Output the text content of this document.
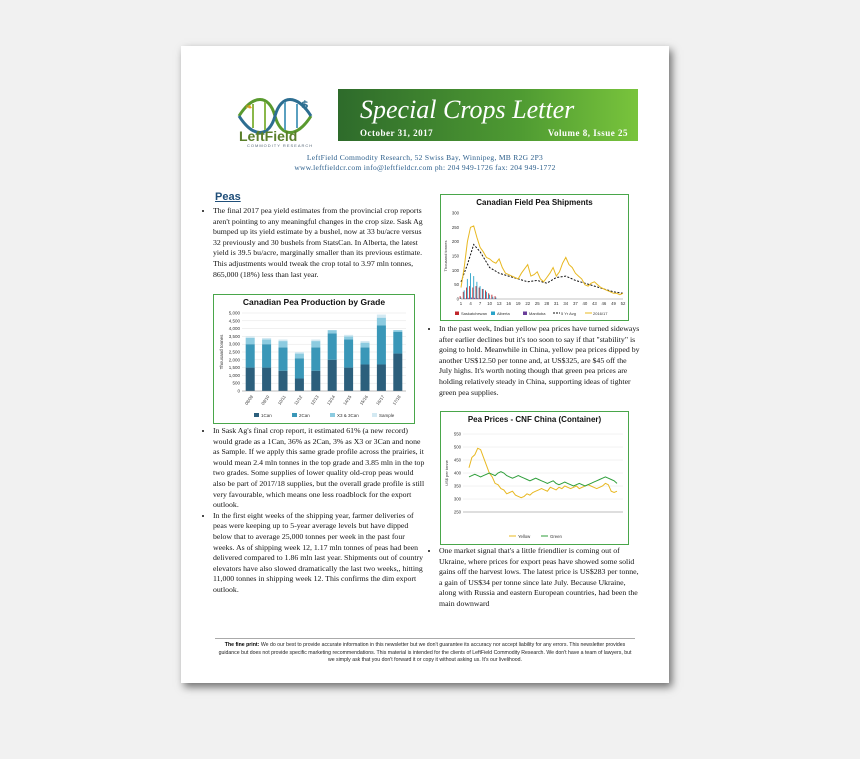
$
❧
LeftField
COMMODITY RESEARCH
Special Crops Letter
October 31, 2017	Volume 8, Issue 25
LeftField Commodity Research, 52 Swiss Bay, Winnipeg, MB R2G 2P3
www.leftfieldcr.com info@leftfieldcr.com ph: 204 949-1726 fax: 204 949-1772
Peas
• The final 2017 pea yield estimates from the provincial crop reports aren't pointing to any meaningful changes in the crop size. Sask Ag bumped up its yield estimate by a bushel, now at 33 bu/acre versus 32 previously and 30 bushels from StatsCan. In Alberta, the latest yield is 39.5 bu/acre, marginally smaller than its previous estimate. This adjustments would tweak the crop total to 3.97 mln tonnes, 865,000 (18%) less than last year.
Canadian Pea Production by Grade
0
500
1,000
1,500
2,000
2,500
3,000
3,500
4,000
4,500
5,000
Thousand tonnes
08/09 09/10 10/11 11/12 12/13 13/14 14/15 15/16 16/17 17/18
1Can	2Can	X3 & 3Can	Sample
• In Sask Ag's final crop report, it estimated 61% (a new record) would grade as a 1Can, 36% as 2Can, 3% as X3 or 3Can and none as Sample. If we apply this same grade profile across the prairies, it would mean 2.4 mln tonnes in the top grade and 3.85 mln in the top two grades. Some supplies of lower quality old-crop peas would also be part of 2017/18 supplies, but the overall grade profile is still very favourable, which means one less roadblock for the export outlook.
• In the first eight weeks of the shipping year, farmer deliveries of peas were keeping up to 5-year average levels but have dipped below that to average 25,000 tonnes per week in the past four weeks. As of shipping week 12, 1.17 mln tonnes of peas had been delivered compared to 1.86 mln last year. Shipments out of country elevators have also slowed dramatically the last two weeks,, hitting 11,000 tonnes in shipping week 12. This confirms the dim export outlook.
Canadian Field Pea Shipments
0
50
100
150
200
250
300
Thousand tonnes
1 4 7 10 13 16 19 22 25 28 31 34 37 40 43 46 49 52
Saskatchewan Alberta	Manitoba	5 Yr Avg	2016/17
• In the past week, Indian yellow pea prices have turned sideways after earlier declines but it's too soon to say if that "stability" is going to hold. Meanwhile in China, yellow pea prices dipped by another US$12.50 per tonne and, at US$325, are $45 off the July highs. It's worth noting though that green pea prices are holding relatively steady in China, supporting ideas of tighter green pea supplies.
Pea Prices - CNF China (Container)
250
300
350
400
450
500
550
US$ per tonne
Yellow	Green
• One market signal that's a little friendlier is coming out of Ukraine, where prices for export peas have showed some solid gains off the harvest lows. The latest price is US$283 per tonne, a gain of US$34 per tonne since late July. Because Ukraine, along with Russia and eastern European countries, had been the main downward
The fine print: We do our best to provide accurate information in this newsletter but we don't guarantee its accuracy nor accept liability for any errors. This newsletter provides guidance but does not provide specific marketing recommendations. This material is intended for the clients of LeftField Commodity Research. We don't have a team of lawyers, but we simply ask that you don't forward it or copy it without asking us. It's our livelihood.
